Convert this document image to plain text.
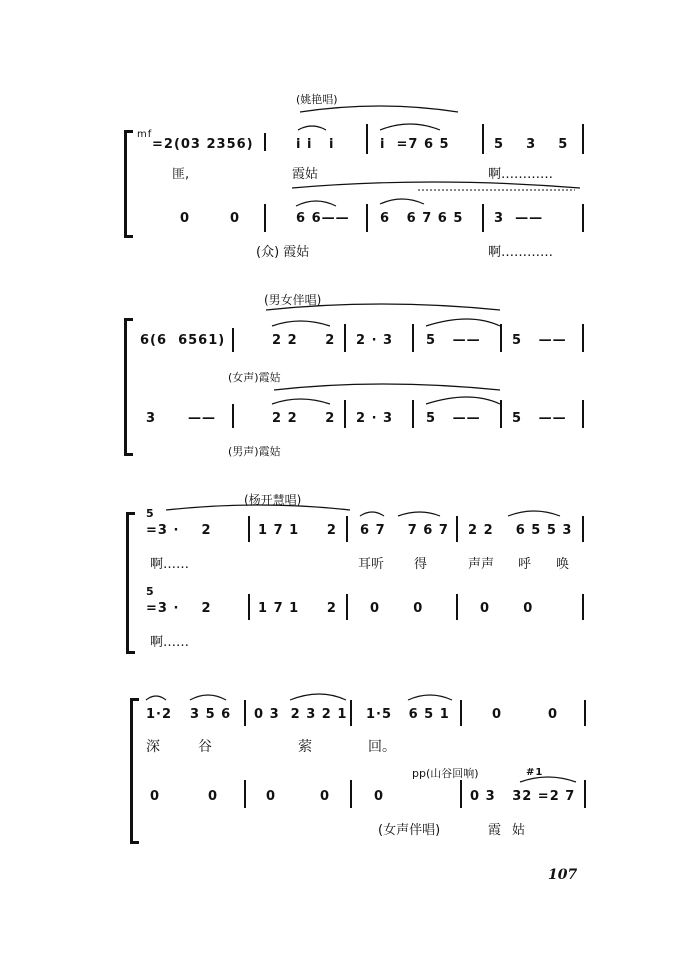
(姚艳唱)
mf
=2(03 2356)	i i   i	i  =7 6 5	5    3    5
匪,	霞姑	啊…………
0	0	6 6—— 6   6 7 6 5 3  ——
(众) 霞姑	啊…………
(男女伴唱)
6(6  6561)	2 2     2 2 · 3	5   —— 5   ——
(女声)霞姑
3 ——	2 2     2 2 · 3	5   —— 5   ——
(男声)霞姑
(杨开慧唱)
5
=3 ·    2	1 7 1     2 6 7    7 6 7 2 2    6 5 5 3
啊……	耳听 得	声声 呼 唤
5
=3 ·    2	1 7 1     2	0      0	0      0
啊……
1·2 3 5 6 0 3  2 3 2 1 1·5   6 5 1	0	0
深	谷	萦	回。
pp(山谷回响)	#1
0	0	0	0	0	0 3   32 =2 7
(女声伴唱)	霞 姑
107
